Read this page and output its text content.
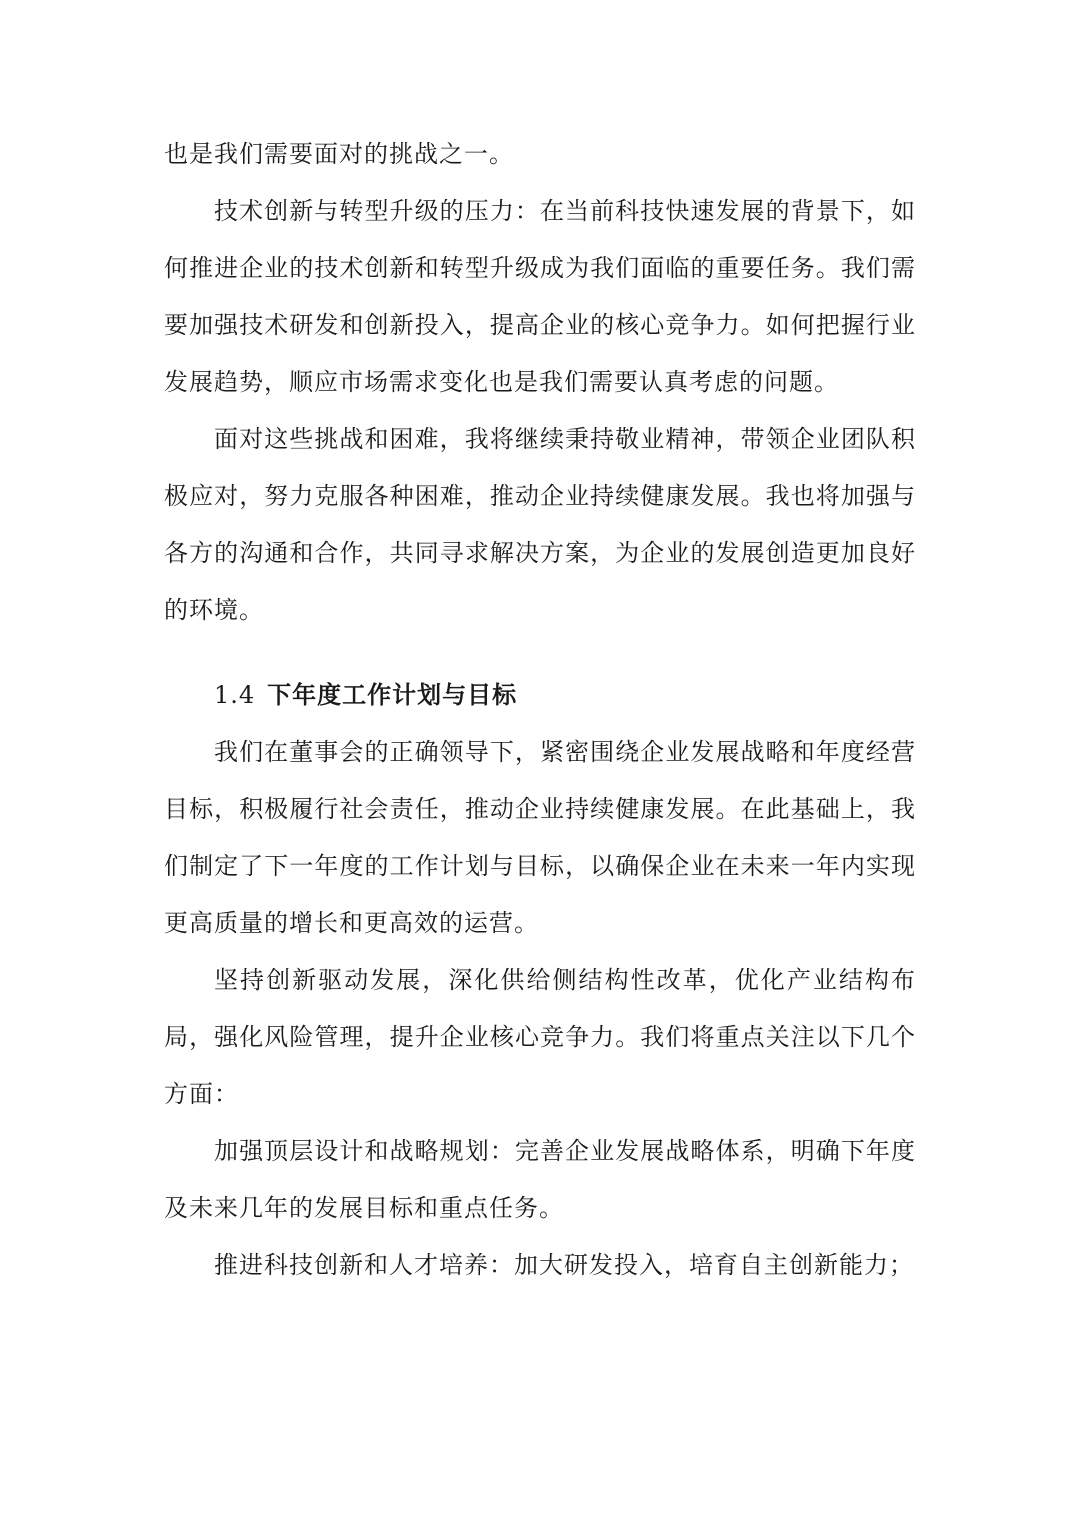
也是我们需要面对的挑战之一。

技术创新与转型升级的压力：在当前科技快速发展的背景下，如何推进企业的技术创新和转型升级成为我们面临的重要任务。我们需要加强技术研发和创新投入，提高企业的核心竞争力。如何把握行业发展趋势，顺应市场需求变化也是我们需要认真考虑的问题。

面对这些挑战和困难，我将继续秉持敬业精神，带领企业团队积极应对，努力克服各种困难，推动企业持续健康发展。我也将加强与各方的沟通和合作，共同寻求解决方案，为企业的发展创造更加良好的环境。

1.4 下年度工作计划与目标

我们在董事会的正确领导下，紧密围绕企业发展战略和年度经营目标，积极履行社会责任，推动企业持续健康发展。在此基础上，我们制定了下一年度的工作计划与目标，以确保企业在未来一年内实现更高质量的增长和更高效的运营。

坚持创新驱动发展，深化供给侧结构性改革，优化产业结构布局，强化风险管理，提升企业核心竞争力。我们将重点关注以下几个方面：

加强顶层设计和战略规划：完善企业发展战略体系，明确下年度及未来几年的发展目标和重点任务。

推进科技创新和人才培养：加大研发投入，培育自主创新能力；
